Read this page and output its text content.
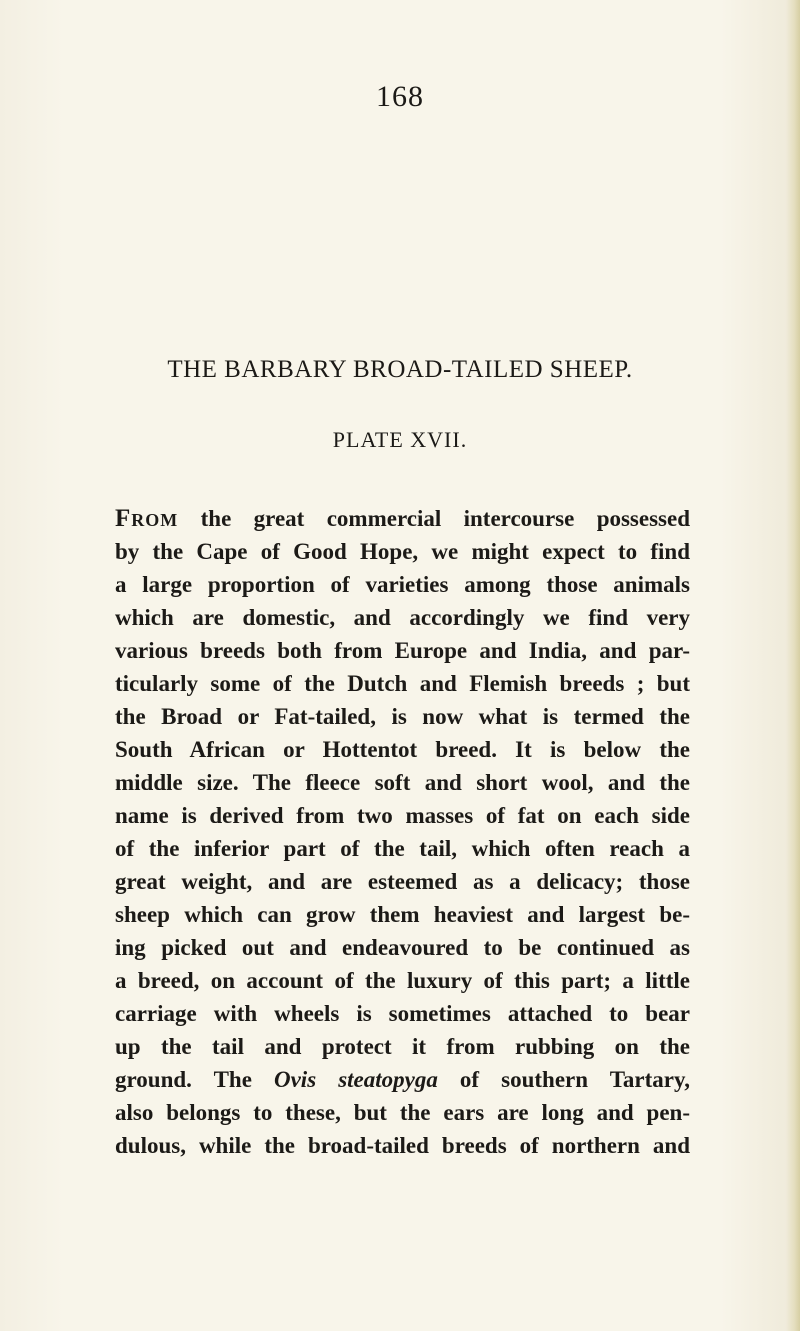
168
THE BARBARY BROAD-TAILED SHEEP.
PLATE XVII.
From the great commercial intercourse possessed
by the Cape of Good Hope, we might expect to find
a large proportion of varieties among those animals
which are domestic, and accordingly we find very
various breeds both from Europe and India, and par-
ticularly some of the Dutch and Flemish breeds ; but
the Broad or Fat-tailed, is now what is termed the
South African or Hottentot breed. It is below the
middle size. The fleece soft and short wool, and the
name is derived from two masses of fat on each side
of the inferior part of the tail, which often reach a
great weight, and are esteemed as a delicacy; those
sheep which can grow them heaviest and largest be-
ing picked out and endeavoured to be continued as
a breed, on account of the luxury of this part; a little
carriage with wheels is sometimes attached to bear
up the tail and protect it from rubbing on the
ground. The Ovis steatopyga of southern Tartary,
also belongs to these, but the ears are long and pen-
dulous, while the broad-tailed breeds of northern and
